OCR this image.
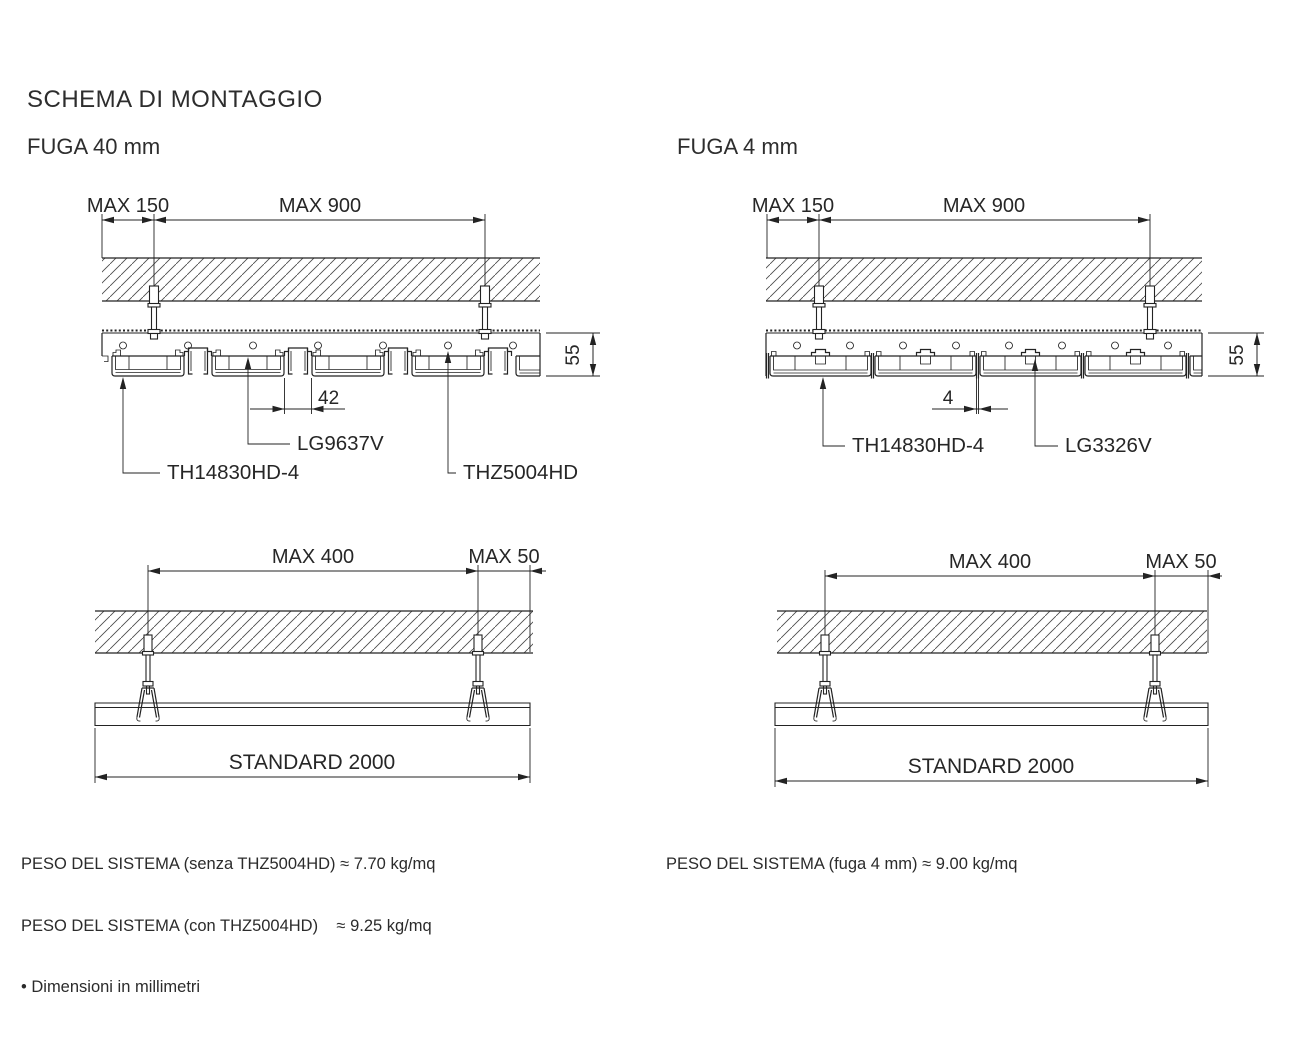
SCHEMA DI MONTAGGIO
FUGA 40 mm	FUGA 4 mm
MAX 150	MAX 900
55
42
LG9637V
TH14830HD-4	THZ5004HD
MAX 150	MAX 900
55
4
TH14830HD-4	LG3326V
MAX 400	MAX 50
STANDARD 2000
MAX 400	MAX 50
STANDARD 2000

PESO DEL SISTEMA (senza THZ5004HD) ≈ 7.70 kg/mq

PESO DEL SISTEMA (con THZ5004HD)    ≈ 9.25 kg/mq

• Dimensioni in millimetri

PESO DEL SISTEMA (fuga 4 mm) ≈ 9.00 kg/mq
